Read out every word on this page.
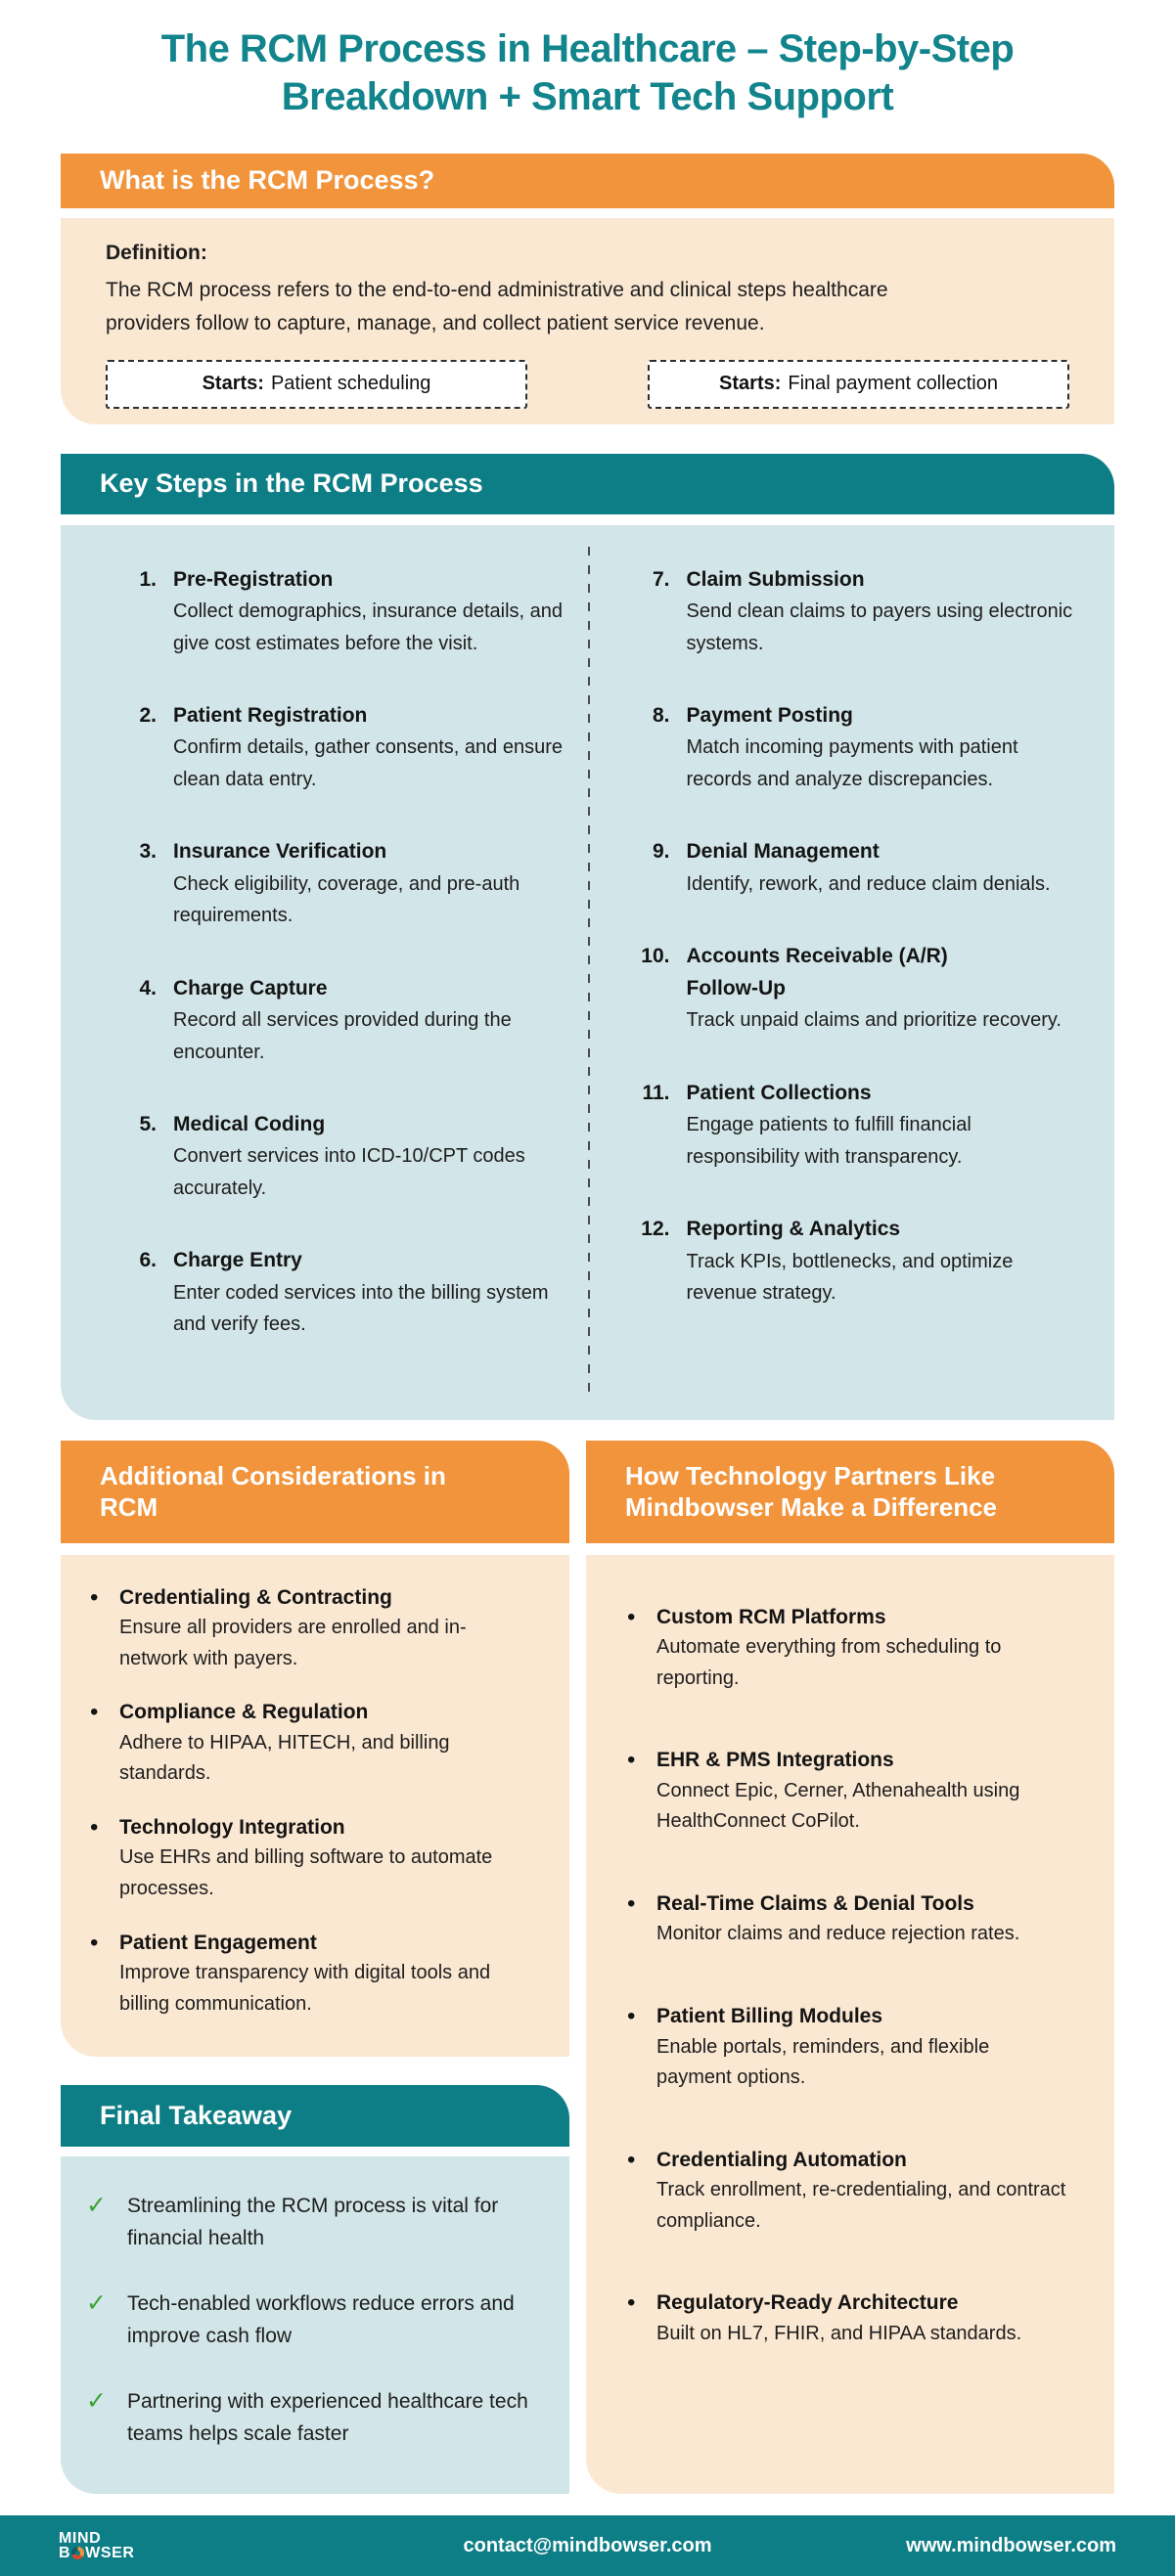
The RCM Process in Healthcare – Step-by-Step
Breakdown + Smart Tech Support
What is the RCM Process?
Definition:
The RCM process refers to the end-to-end administrative and clinical steps healthcare providers follow to capture, manage, and collect patient service revenue.
Starts: Patient scheduling	Starts: Final payment collection
Key Steps in the RCM Process
1. Pre-Registration
Collect demographics, insurance details, and give cost estimates before the visit.
2. Patient Registration
Confirm details, gather consents, and ensure clean data entry.
3. Insurance Verification
Check eligibility, coverage, and pre-auth requirements.
4. Charge Capture
Record all services provided during the encounter.
5. Medical Coding
Convert services into ICD-10/CPT codes accurately.
6. Charge Entry
Enter coded services into the billing system and verify fees.
7. Claim Submission
Send clean claims to payers using electronic systems.
8. Payment Posting
Match incoming payments with patient records and analyze discrepancies.
9. Denial Management
Identify, rework, and reduce claim denials.
10. Accounts Receivable (A/R) Follow-Up
Track unpaid claims and prioritize recovery.
11. Patient Collections
Engage patients to fulfill financial responsibility with transparency.
12. Reporting & Analytics
Track KPIs, bottlenecks, and optimize revenue strategy.
Additional Considerations in RCM
•
Credentialing & Contracting
Ensure all providers are enrolled and in-network with payers.
•
Compliance & Regulation
Adhere to HIPAA, HITECH, and billing standards.
•
Technology Integration
Use EHRs and billing software to automate processes.
•
Patient Engagement
Improve transparency with digital tools and billing communication.
Final Takeaway
✓
Streamlining the RCM process is vital for financial health
✓
Tech-enabled workflows reduce errors and improve cash flow
✓
Partnering with experienced healthcare tech teams helps scale faster
How Technology Partners Like Mindbowser Make a Difference
•
Custom RCM Platforms
Automate everything from scheduling to reporting.
•
EHR & PMS Integrations
Connect Epic, Cerner, Athenahealth using HealthConnect CoPilot.
•
Real-Time Claims & Denial Tools
Monitor claims and reduce rejection rates.
•
Patient Billing Modules
Enable portals, reminders, and flexible payment options.
•
Credentialing Automation
Track enrollment, re-credentialing, and contract compliance.
•
Regulatory-Ready Architecture
Built on HL7, FHIR, and HIPAA standards.
MIND
B WSER	contact@mindbowser.com	www.mindbowser.com
